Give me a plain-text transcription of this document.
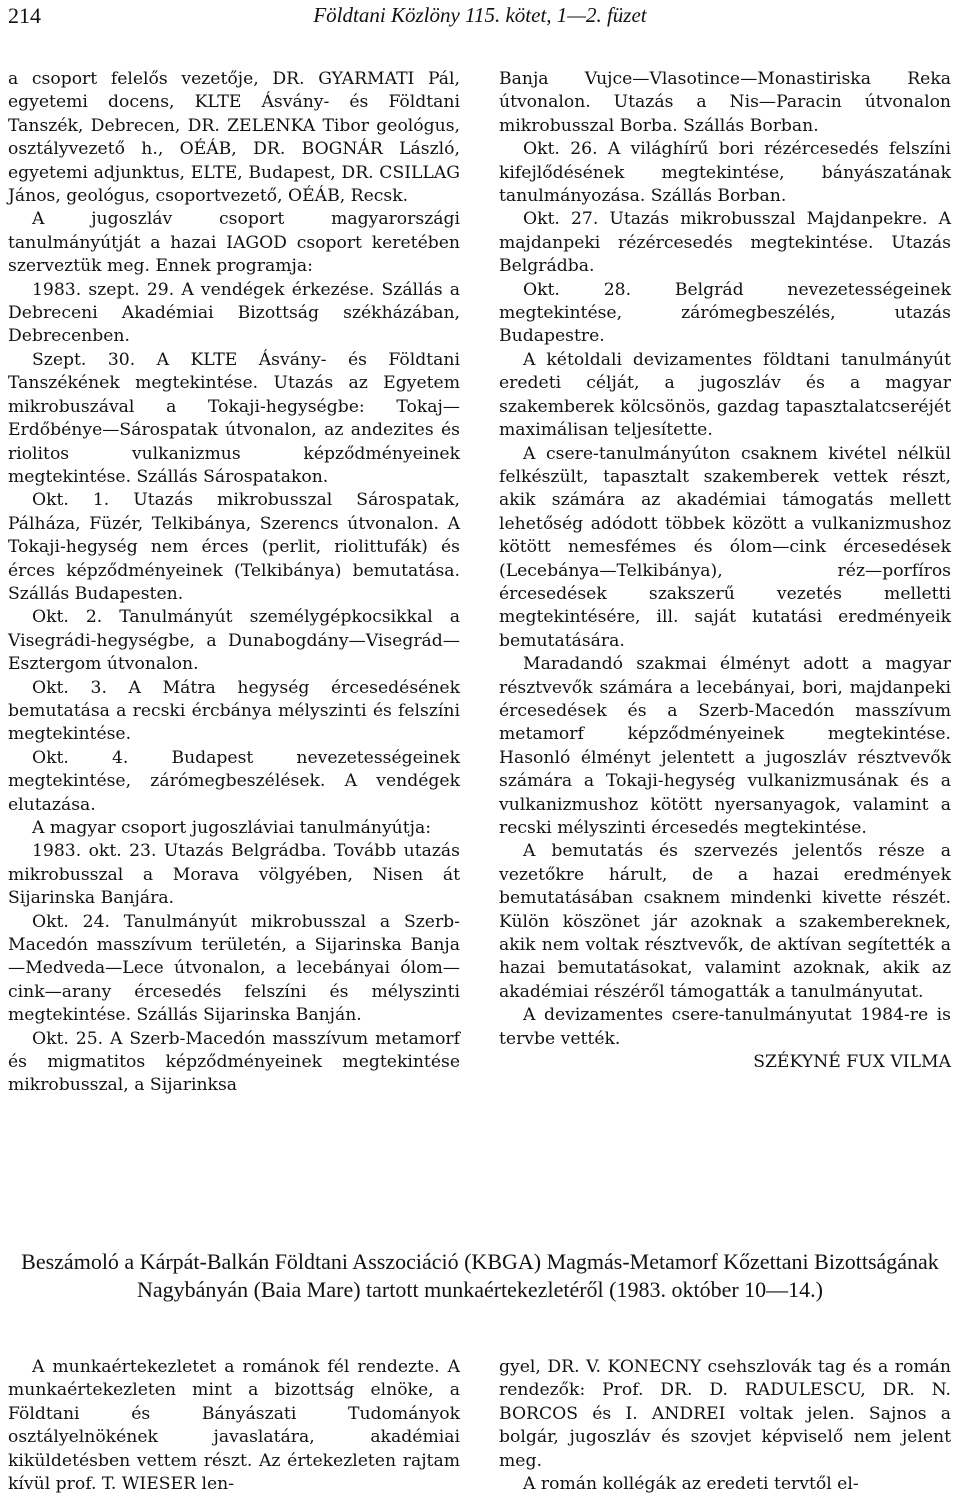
214	Földtani Közlöny 115. kötet, 1—2. füzet

a csoport felelős vezetője, DR. GYARMATI Pál, egyetemi docens, KLTE Ásvány- és Földtani Tanszék, Debrecen, DR. ZELENKA Tibor geológus, osztályvezető h., OÉÁB, DR. BOGNÁR László, egyetemi adjunktus, ELTE, Budapest, DR. CSILLAG János, geológus, csoportvezető, OÉÁB, Recsk.

A jugoszláv csoport magyarországi tanulmányútját a hazai IAGOD csoport keretében szerveztük meg. Ennek programja:

1983. szept. 29. A vendégek érkezése. Szállás a Debreceni Akadémiai Bizottság székházában, Debrecenben.

Szept. 30. A KLTE Ásvány- és Földtani Tanszékének megtekintése. Utazás az Egyetem mikrobuszával a Tokaji-hegységbe: Tokaj—Erdőbénye—Sárospatak útvonalon, az andezites és riolitos vulkanizmus képződményeinek megtekintése. Szállás Sárospatakon.

Okt. 1. Utazás mikrobusszal Sárospatak, Pálháza, Füzér, Telkibánya, Szerencs útvonalon. A Tokaji-hegység nem érces (perlit, riolittufák) és érces képződményeinek (Telkibánya) bemutatása. Szállás Budapesten.

Okt. 2. Tanulmányút személygépkocsikkal a Visegrádi-hegységbe, a Dunabogdány—Visegrád—Esztergom útvonalon.

Okt. 3. A Mátra hegység ércesedésének bemutatása a recski ércbánya mélyszinti és felszíni megtekintése.

Okt. 4. Budapest nevezetességeinek megtekintése, zárómegbeszélések. A vendégek elutazása.

A magyar csoport jugoszláviai tanulmányútja:

1983. okt. 23. Utazás Belgrádba. Tovább utazás mikrobusszal a Morava völgyében, Nisen át Sijarinska Banjára.

Okt. 24. Tanulmányút mikrobusszal a Szerb-Macedón masszívum területén, a Sijarinska Banja—Medveda—Lece útvonalon, a lecebányai ólom—cink—arany ércesedés felszíni és mélyszinti megtekintése. Szállás Sijarinska Banján.

Okt. 25. A Szerb-Macedón masszívum metamorf és migmatitos képződményeinek megtekintése mikrobusszal, a Sijarinksa

Banja Vujce—Vlasotince—Monastiriska Reka útvonalon. Utazás a Nis—Paracin útvonalon mikrobusszal Borba. Szállás Borban.

Okt. 26. A világhírű bori rézércesedés felszíni kifejlődésének megtekintése, bányászatának tanulmányozása. Szállás Borban.

Okt. 27. Utazás mikrobusszal Majdanpekre. A majdanpeki rézércesedés megtekintése. Utazás Belgrádba.

Okt. 28. Belgrád nevezetességeinek megtekintése, zárómegbeszélés, utazás Budapestre.

A kétoldali devizamentes földtani tanulmányút eredeti célját, a jugoszláv és a magyar szakemberek kölcsönös, gazdag tapasztalatcseréjét maximálisan teljesítette.

A csere-tanulmányúton csaknem kivétel nélkül felkészült, tapasztalt szakemberek vettek részt, akik számára az akadémiai támogatás mellett lehetőség adódott többek között a vulkanizmushoz kötött nemesfémes és ólom—cink ércesedések (Lecebánya—Telkibánya), réz—porfíros ércesedések szakszerű vezetés melletti megtekintésére, ill. saját kutatási eredményeik bemutatására.

Maradandó szakmai élményt adott a magyar résztvevők számára a lecebányai, bori, majdanpeki ércesedések és a Szerb-Macedón masszívum metamorf képződményeinek megtekintése. Hasonló élményt jelentett a jugoszláv résztvevők számára a Tokaji-hegység vulkanizmusának és a vulkanizmushoz kötött nyersanyagok, valamint a recski mélyszinti ércesedés megtekintése.

A bemutatás és szervezés jelentős része a vezetőkre hárult, de a hazai eredmények bemutatásában csaknem mindenki kivette részét. Külön köszönet jár azoknak a szakembereknek, akik nem voltak résztvevők, de aktívan segítették a hazai bemutatásokat, valamint azoknak, akik az akadémiai részéről támogatták a tanulmányutat.

A devizamentes csere-tanulmányutat 1984-re is tervbe vették.

SZÉKYNÉ FUX VILMA

Beszámoló a Kárpát-Balkán Földtani Asszociáció (KBGA) Magmás-Metamorf Kőzettani Bizottságának Nagybányán (Baia Mare) tartott munkaértekezletéről (1983. október 10—14.)

A munkaértekezletet a románok fél rendezte. A munkaértekezleten mint a bizottság elnöke, a Földtani és Bányászati Tudományok osztályelnökének javaslatára, akadémiai kiküldetésben vettem részt. Az értekezleten rajtam kívül prof. T. WIESER len-

gyel, DR. V. KONECNY csehszlovák tag és a román rendezők: Prof. DR. D. RADULESCU, DR. N. BORCOS és I. ANDREI voltak jelen. Sajnos a bolgár, jugoszláv és szovjet képviselő nem jelent meg.

A román kollégák az eredeti tervtől el-
